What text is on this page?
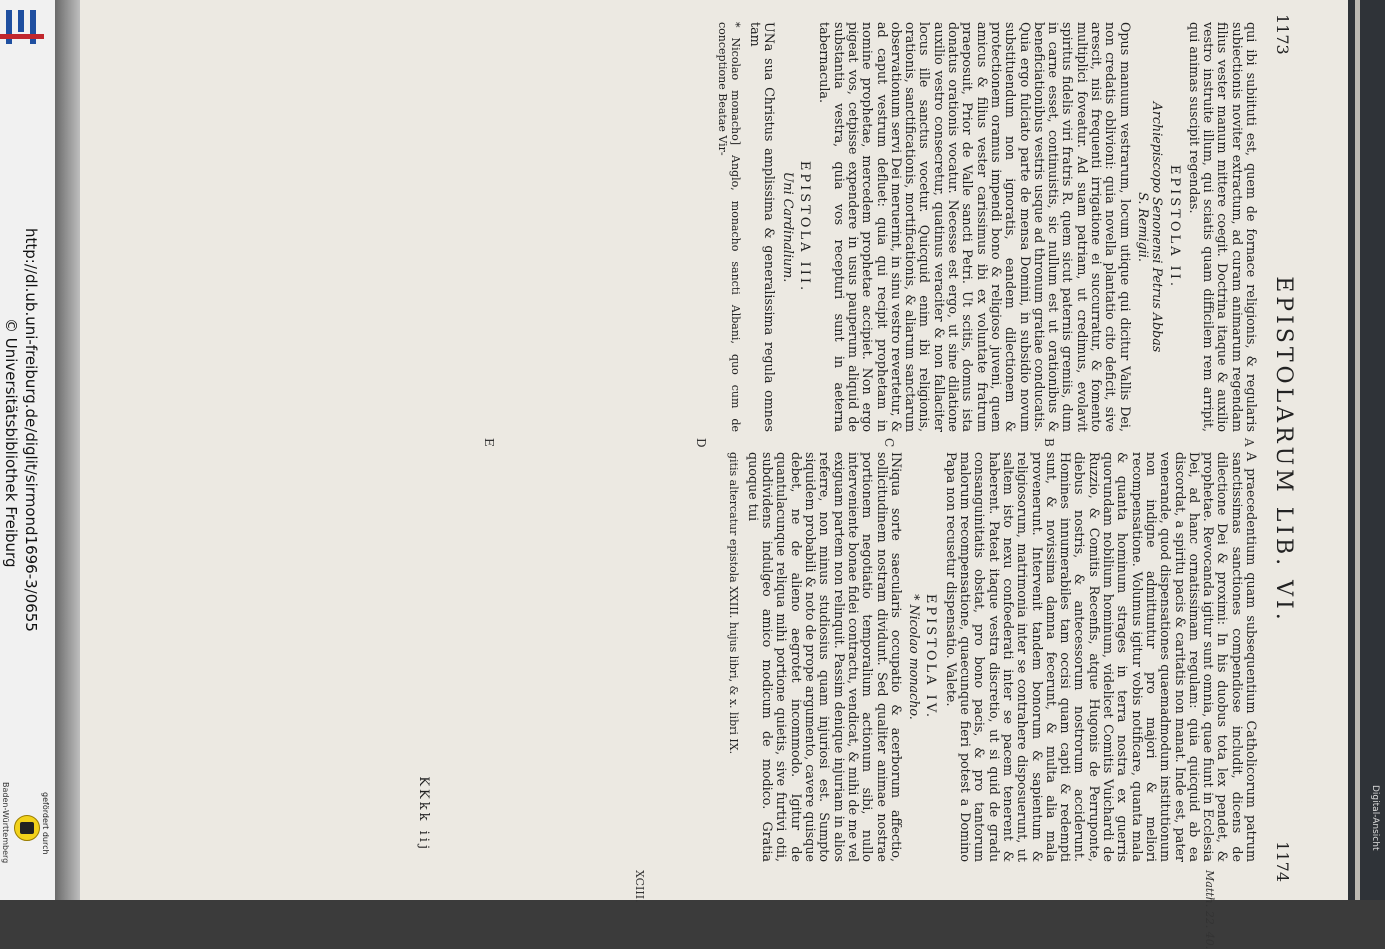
http://dl.ub.uni-freiburg.de/diglit/sirmond1696-3/0655
© Universitätsbibliothek Freiburg
gefördert durch
Baden-Württemberg	Digital-Ansicht
1173
EPISTOLARUM LIB. VI.
1174
XCIII.	Matth. 22. 40.
A
B
C
D
E

qui ibi subiituti est, quem de fornace religionis, & regularis subiectionis noviter extractum, ad curam animarum regendam filius vester manum mittere coegit. Doctrina itaque & auxilio vestro instruite illum, qui sciatis quam difficilem rem arripit, qui animas suscipit regendas.

EPISTOLA II.

Archiepiscopo Senonensi Petrus Abbas

S. Remigii.

Opus manuum vestrarum, locum utique qui dicitur Vallis Dei, non credatis oblivioni: quia novella plantatio cito deficit, sive arescit, nisi frequenti irrigatione ei succurratur, & fomento multiplici foveatur. Ad suam patriam, ut credimus, evolavit spiritus fidelis viri fratris R. quem sicut paternis gremiis, dum in carne esset, continuistis, sic nullum est ut orationibus & beneficiationibus vestris usque ad thronum gratiae conducatis. Quia ergo fulciato parte de mensa Domini, in subsidio novum substituendum non ignoratis, eandem dilectionem & protectionem oramus impendi bono & religioso juveni, quem amicus & filius vester carissimus ibi ex voluntate fratrum praeposuit, Prior de Valle sancti Petri. Ut scitis, domus ista donatus orationis vocatur. Necesse est ergo, ut sine dilatione auxilio vestro consecretur, quatinus veraciter & non fallaciter locus ille sanctus vocetur. Quicquid enim ibi religionis, orationis, sanctificationis, mortificationis, & aliarum sanctarum observationum servi Dei meruerint, in sinu vestro revertetur, & ad caput vestrum defluet: quia qui recipit prophetam in nomine prophetae, mercedem prophetae accipiet. Non ergo pigeat vos, cetpisse expendere in usus pauperum aliquid de substantia vestra, quia vos recepturi sunt in aeterna tabernacula.

EPISTOLA III.

Uni Cardinalium.

UNa sua Christus amplissima & generalissima regula omnes tam

* Nicolao monacho] Anglo, monacho sancti Albani, quo cum de conceptione Beatae Vir-

A praecedentium quam subsequentium Catholicorum patrum sanctissimas sanctiones compendiose includit, dicens de dilectione Dei & proximi: In his duobus tota lex pendet, & prophetae. Revocanda igitur sunt omnia, quae fiunt in Ecclesia Dei, ad hanc ornatissimam regulam: quia quicquid ab ea discordat, a spiritu pacis & caritatis non manat. Inde est, pater venerande, quod dispensationes quaemadmodum institutionum non indigne admittuntur pro majori & meliori recompensatione. Volumus igitur vobis notificare, quanta mala & quanta hominum strages in terra nostra ex guerris quorundam nobilium hominum, videlicet Comitis Vuichardi de Ruzzio, & Comitis Recenfis, atque Hugonis de Perruponte, diebus nostris, & antecessorum nostrorum acciderunt. Homines innumerabiles tam occisi quam capti & redempti sunt, & novissima damna fecerunt, & multa alia mala provenerunt. Intervenit tandem bonorum & sapientum & religiosorum, matrimonia inter se contrahere disposuerunt, ut saltem isto nexu confoederati inter se pacem tenerent & haberent. Pateat itaque vestra discretio, ut si quid de gradu consanguinitatis obstat, pro bono pacis, & pro tantorum malorum recompensatione, quaecunque fieri potest a Domino Papa non recusetur dispensatio. Valete.

EPISTOLA IV.

* Nicolao monacho.

INiqua sorte saecularis occupatio & acerborum affectio, sollicitudinem nostram dividunt. Sed qualiter animae nostrae portionem negotiatio temporalium actionum sibi, nullo interveniente bonae fidei contractu, vendicat, & mihi de me vel exiguam partem non relinquit. Passim denique injuriam in alios referre, non minus studiosius quam injuriosi est. Sumpto siquidem probabili & noto de prope argumento, cavere quisque debet, ne de alieno aegrotet incommodo. Igitur de quantulacunque reliqua mihi portione quietis, sive furtivi otii, subdividens indulgeo amico modicum de modico. Gratia quoque tui

gitis altercatur epistola XXIII. hujus libri, & x. libri IX.

KKkk iij
